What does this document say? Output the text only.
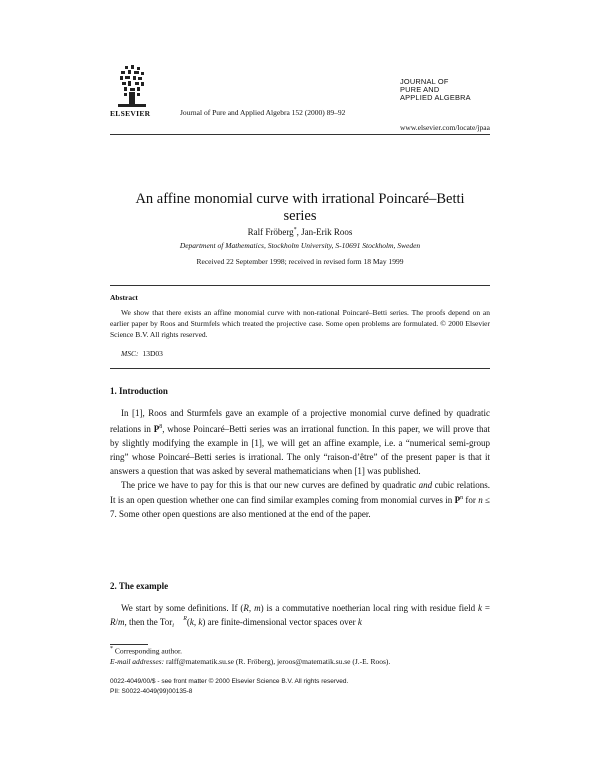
ELSEVIER	Journal of Pure and Applied Algebra 152 (2000) 89–92
JOURNAL OF
PURE AND
APPLIED ALGEBRA
www.elsevier.com/locate/jpaa
An affine monomial curve with irrational Poincaré–Betti
series
Ralf Fröberg*, Jan-Erik Roos
Department of Mathematics, Stockholm University, S-10691 Stockholm, Sweden
Received 22 September 1998; received in revised form 18 May 1999
Abstract
We show that there exists an affine monomial curve with non-rational Poincaré–Betti series. The proofs depend on an earlier paper by Roos and Sturmfels which treated the projective case. Some open problems are formulated. © 2000 Elsevier Science B.V. All rights reserved.
MSC: 13D03
1. Introduction

In [1], Roos and Sturmfels gave an example of a projective monomial curve defined by quadratic relations in $P^8$, whose Poincaré–Betti series was an irrational function. In this paper, we will prove that by slightly modifying the example in [1], we will get an affine example, i.e. a “numerical semi-group ring” whose Poincaré–Betti series is irrational. The only “raison-d’être” of the present paper is that it answers a question that was asked by several mathematicians when [1] was published.

The price we have to pay for this is that our new curves are defined by quadratic and cubic relations. It is an open question whether one can find similar examples coming from monomial curves in $P^n$ for n ≤ 7. Some other open questions are also mentioned at the end of the paper.

2. The example

We start by some definitions. If (R, m) is a commutative noetherian local ring with residue field k = R/m, then the Tor R
i (k, k) are finite-dimensional vector spaces over k

* Corresponding author.
E-mail addresses: ralff@matematik.su.se (R. Fröberg), jeroos@matematik.su.se (J.-E. Roos).
0022-4049/00/$ - see front matter © 2000 Elsevier Science B.V. All rights reserved.
PII: S0022-4049(99)00135-8
